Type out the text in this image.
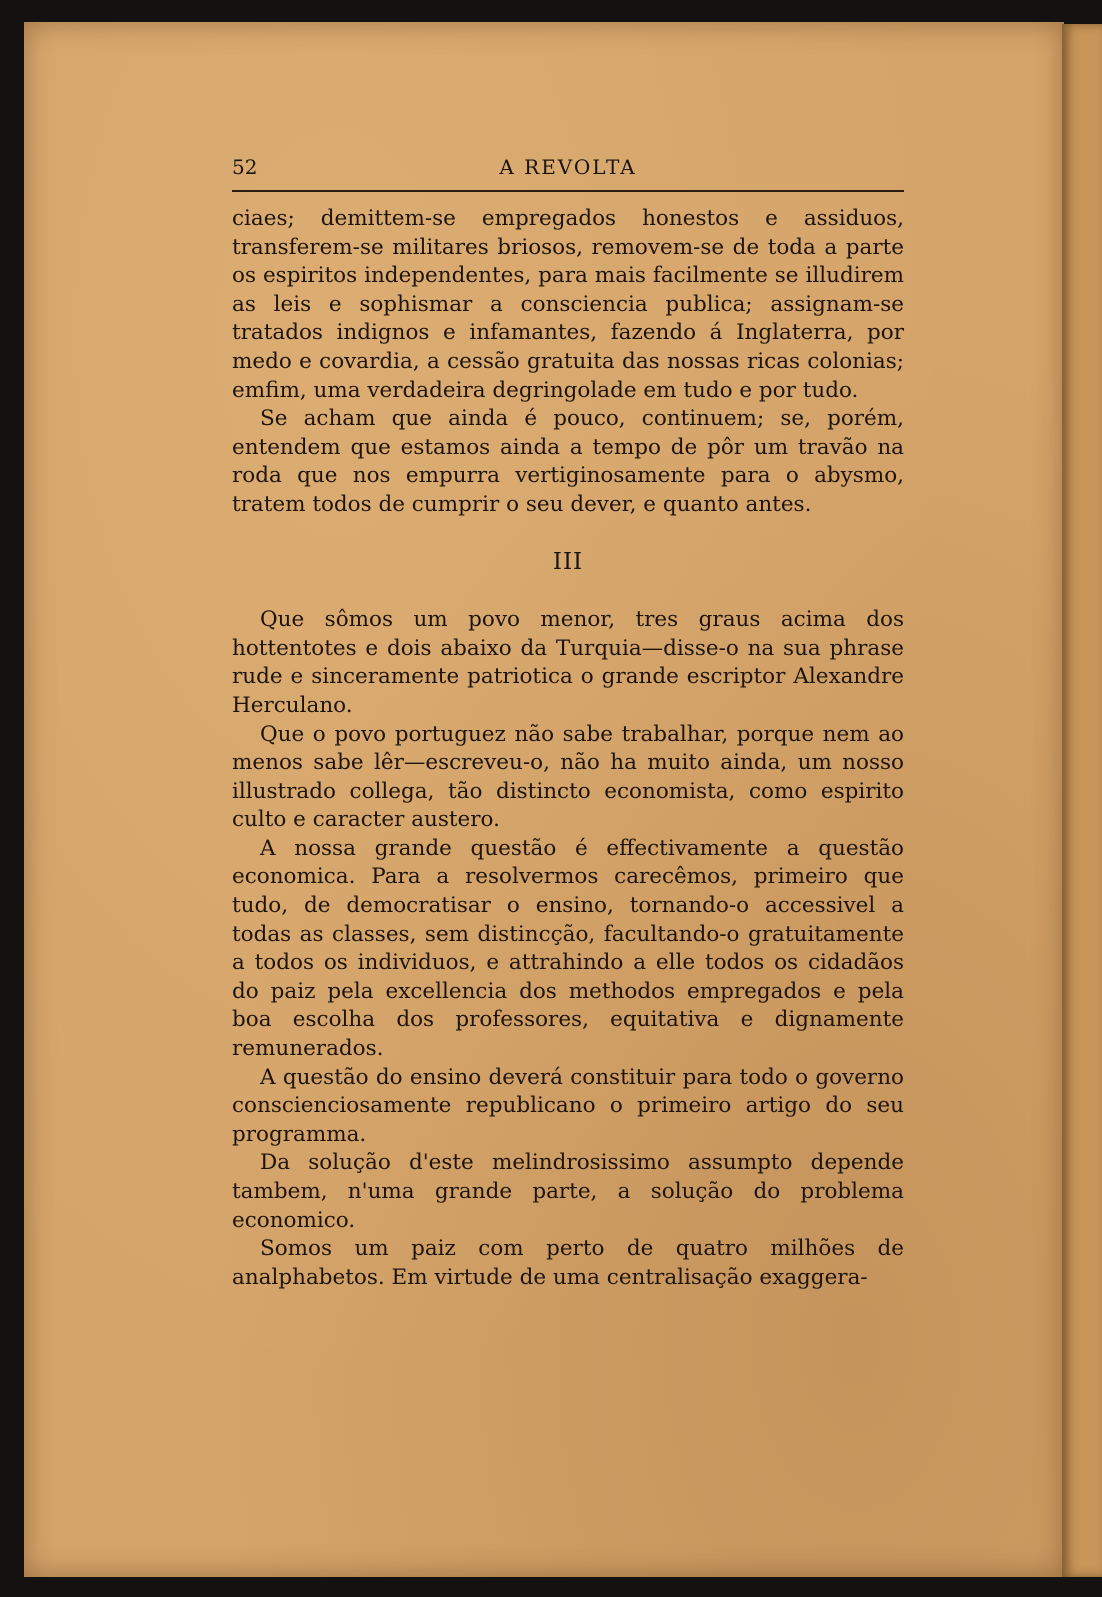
52	A REVOLTA

ciaes; demittem-se empregados honestos e assiduos, transferem-se militares briosos, removem-se de toda a parte os espiritos independentes, para mais facilmente se illudirem as leis e sophismar a consciencia publica; assignam-se tratados indignos e infamantes, fazendo á Inglaterra, por medo e covardia, a cessão gratuita das nossas ricas colonias; emfim, uma verdadeira degringolade em tudo e por tudo.

Se acham que ainda é pouco, continuem; se, porém, entendem que estamos ainda a tempo de pôr um travão na roda que nos empurra vertiginosamente para o abysmo, tratem todos de cumprir o seu dever, e quanto antes.

III

Que sômos um povo menor, tres graus acima dos hottentotes e dois abaixo da Turquia—disse-o na sua phrase rude e sinceramente patriotica o grande escriptor Alexandre Herculano.

Que o povo portuguez não sabe trabalhar, porque nem ao menos sabe lêr—escreveu-o, não ha muito ainda, um nosso illustrado collega, tão distincto economista, como espirito culto e caracter austero.

A nossa grande questão é effectivamente a questão economica. Para a resolvermos carecêmos, primeiro que tudo, de democratisar o ensino, tornando-o accessivel a todas as classes, sem distincção, facultando-o gratuitamente a todos os individuos, e attrahindo a elle todos os cidadãos do paiz pela excellencia dos methodos empregados e pela boa escolha dos professores, equitativa e dignamente remunerados.

A questão do ensino deverá constituir para todo o governo conscienciosamente republicano o primeiro artigo do seu programma.

Da solução d'este melindrosissimo assumpto depende tambem, n'uma grande parte, a solução do problema economico.

Somos um paiz com perto de quatro milhões de analphabetos. Em virtude de uma centralisação exaggera-
